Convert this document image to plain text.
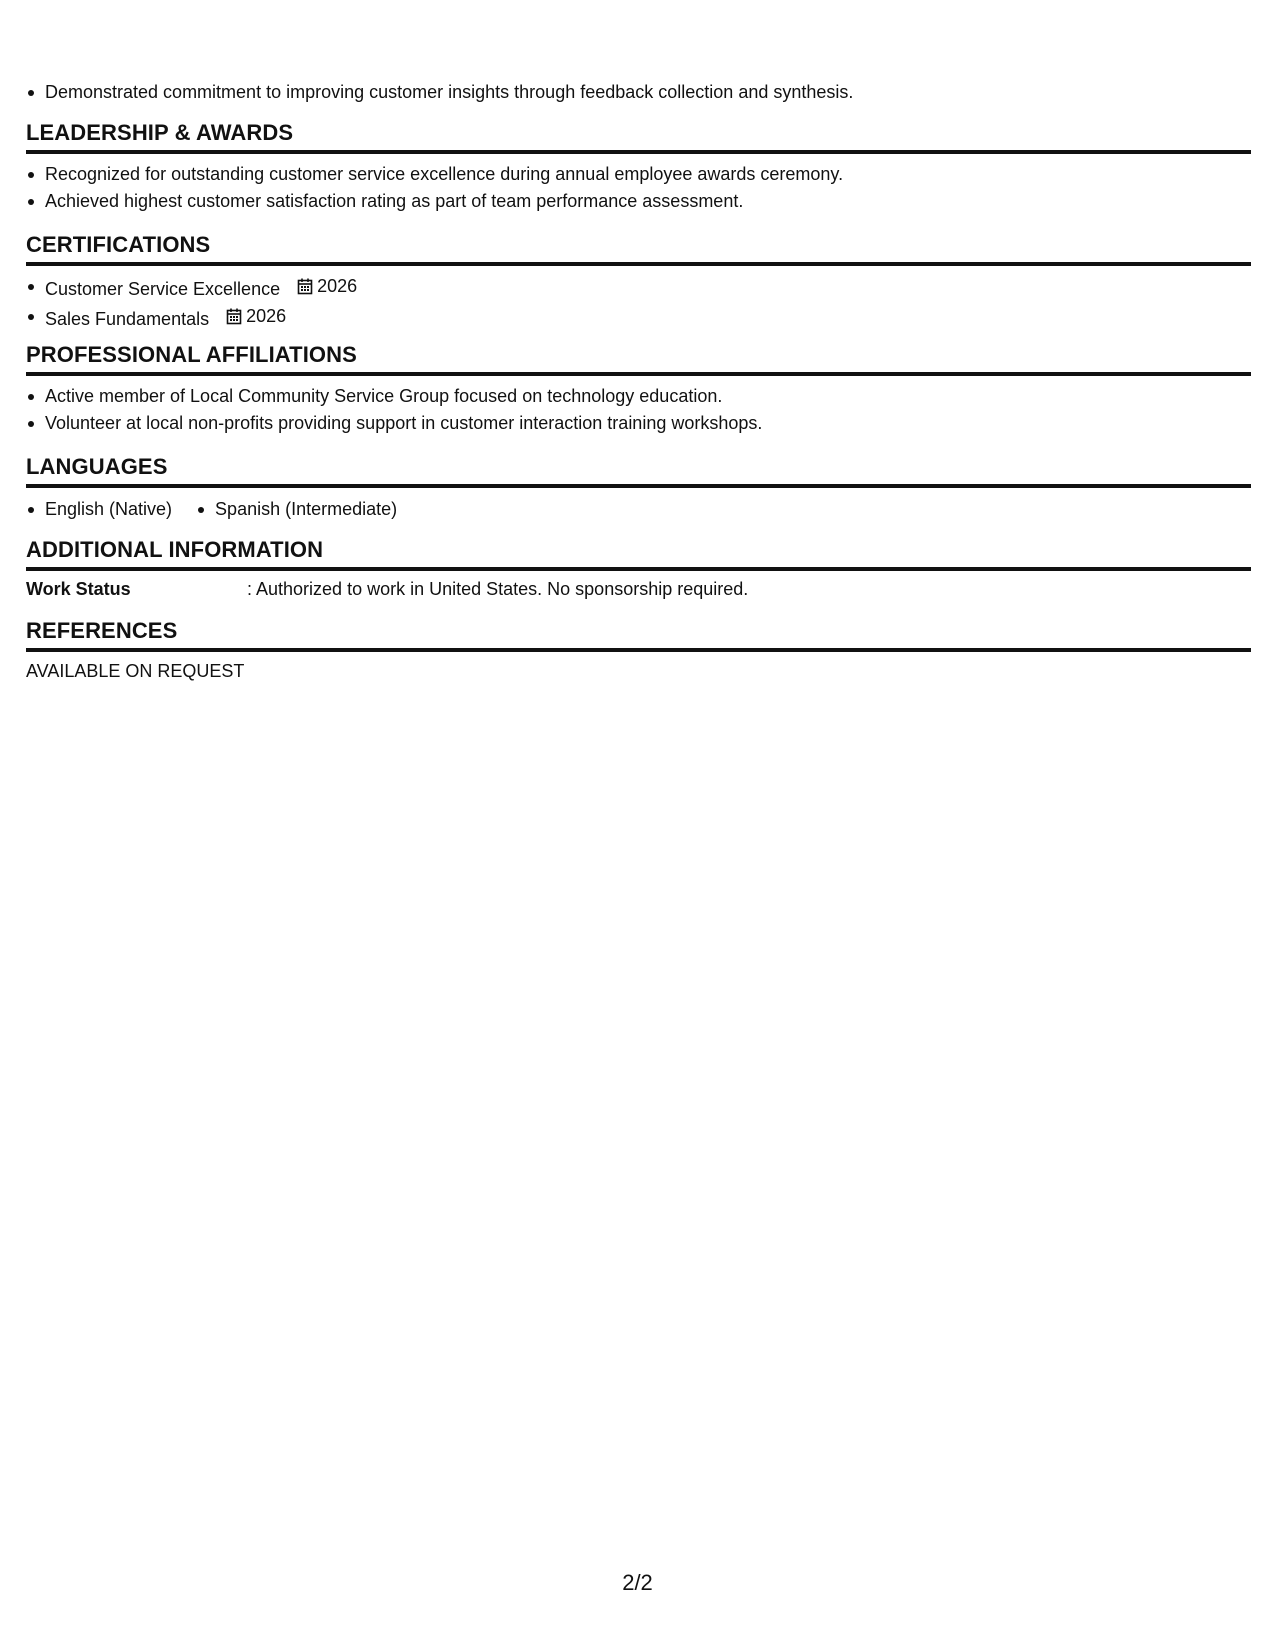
Demonstrated commitment to improving customer insights through feedback collection and synthesis.
LEADERSHIP & AWARDS
Recognized for outstanding customer service excellence during annual employee awards ceremony.
Achieved highest customer satisfaction rating as part of team performance assessment.
CERTIFICATIONS
Customer Service Excellence 2026
Sales Fundamentals 2026
PROFESSIONAL AFFILIATIONS
Active member of Local Community Service Group focused on technology education.
Volunteer at local non-profits providing support in customer interaction training workshops.
LANGUAGES
English (Native)	Spanish (Intermediate)
ADDITIONAL INFORMATION
Work Status	: Authorized to work in United States. No sponsorship required.
REFERENCES
AVAILABLE ON REQUEST
2/2
